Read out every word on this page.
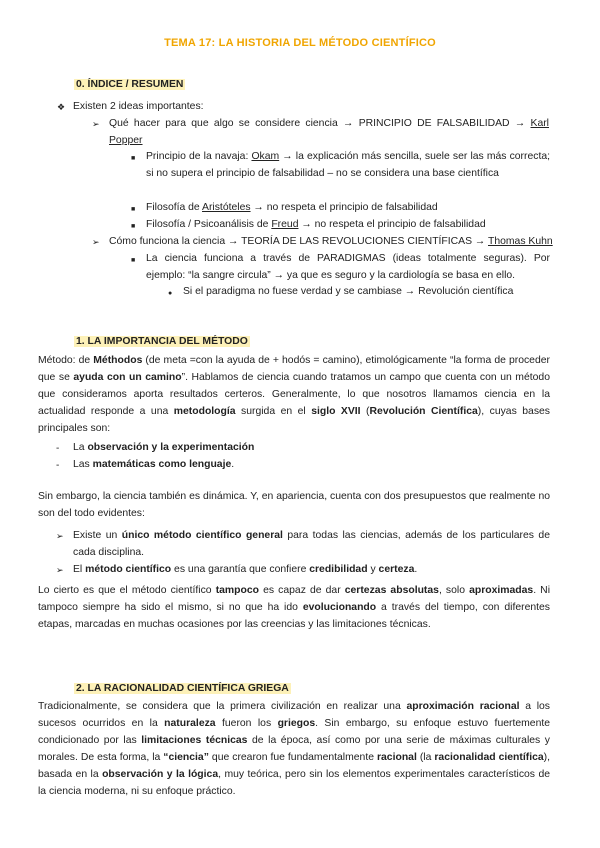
TEMA 17: LA HISTORIA DEL MÉTODO CIENTÍFICO
0. ÍNDICE / RESUMEN
❖ Existen 2 ideas importantes:
➢ Qué hacer para que algo se considere ciencia → PRINCIPIO DE FALSABILIDAD → Karl Popper
■ Principio de la navaja: Okam → la explicación más sencilla, suele ser las más correcta; si no supera el principio de falsabilidad – no se considera una base científica
■ Filosofía de Aristóteles → no respeta el principio de falsabilidad
■ Filosofía / Psicoanálisis de Freud → no respeta el principio de falsabilidad
➢ Cómo funciona la ciencia → TEORÍA DE LAS REVOLUCIONES CIENTÍFICAS → Thomas Kuhn
■ La ciencia funciona a través de PARADIGMAS (ideas totalmente seguras). Por ejemplo: “la sangre circula” → ya que es seguro y la cardiología se basa en ello.
● Si el paradigma no fuese verdad y se cambiase → Revolución científica
1. LA IMPORTANCIA DEL MÉTODO
Método: de Méthodos (de meta =con la ayuda de + hodós = camino), etimológicamente “la forma de proceder que se ayuda con un camino”. Hablamos de ciencia cuando tratamos un campo que cuenta con un método que consideramos aporta resultados certeros. Generalmente, lo que nosotros llamamos ciencia en la actualidad responde a una metodología surgida en el siglo XVII (Revolución Científica), cuyas bases principales son:
- La observación y la experimentación
- Las matemáticas como lenguaje.
Sin embargo, la ciencia también es dinámica. Y, en apariencia, cuenta con dos presupuestos que realmente no son del todo evidentes:
➢ Existe un único método científico general para todas las ciencias, además de los particulares de cada disciplina.
➢ El método científico es una garantía que confiere credibilidad y certeza.
Lo cierto es que el método científico tampoco es capaz de dar certezas absolutas, solo aproximadas. Ni tampoco siempre ha sido el mismo, si no que ha ido evolucionando a través del tiempo, con diferentes etapas, marcadas en muchas ocasiones por las creencias y las limitaciones técnicas.
2. LA RACIONALIDAD CIENTÍFICA GRIEGA
Tradicionalmente, se considera que la primera civilización en realizar una aproximación racional a los sucesos ocurridos en la naturaleza fueron los griegos. Sin embargo, su enfoque estuvo fuertemente condicionado por las limitaciones técnicas de la época, así como por una serie de máximas culturales y morales. De esta forma, la “ciencia” que crearon fue fundamentalmente racional (la racionalidad científica), basada en la observación y la lógica, muy teórica, pero sin los elementos experimentales característicos de la ciencia moderna, ni su enfoque práctico.
